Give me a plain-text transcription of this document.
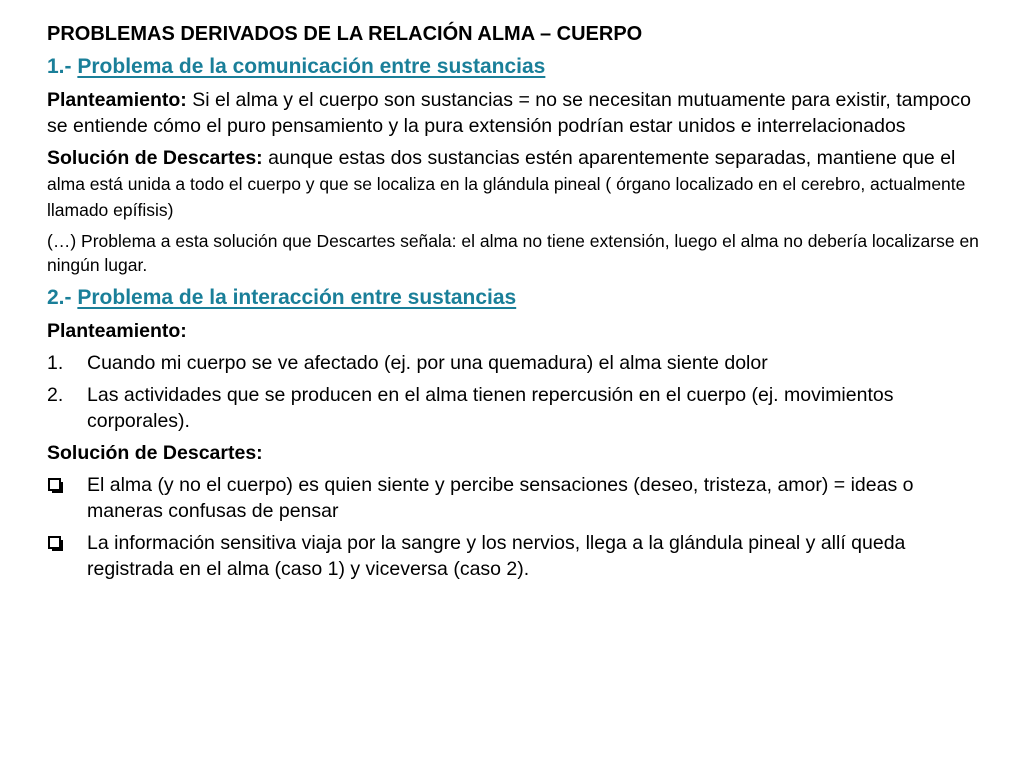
PROBLEMAS DERIVADOS DE LA RELACIÓN ALMA – CUERPO
1.- Problema de la comunicación entre sustancias
Planteamiento: Si el alma y el cuerpo son sustancias = no se necesitan mutuamente para existir, tampoco se entiende cómo el puro pensamiento y la pura extensión podrían estar unidos e interrelacionados
Solución de Descartes: aunque estas dos sustancias estén aparentemente separadas, mantiene que el alma está unida a todo el cuerpo y que se localiza en la glándula pineal ( órgano localizado en el cerebro, actualmente llamado epífisis)
(…) Problema a esta solución que Descartes señala: el alma no tiene extensión, luego el alma no debería localizarse en ningún lugar.
2.- Problema de la interacción entre sustancias
Planteamiento:
1.	Cuando mi cuerpo se ve afectado (ej. por una quemadura) el alma siente dolor
2.	Las actividades que se producen en el alma tienen repercusión en el cuerpo (ej. movimientos corporales).
Solución de Descartes:
El alma (y no el cuerpo) es quien siente y percibe sensaciones (deseo, tristeza, amor) = ideas o maneras confusas de pensar
La información sensitiva viaja por la sangre y los nervios, llega a la glándula pineal y allí queda registrada en el alma (caso 1) y viceversa (caso 2).
